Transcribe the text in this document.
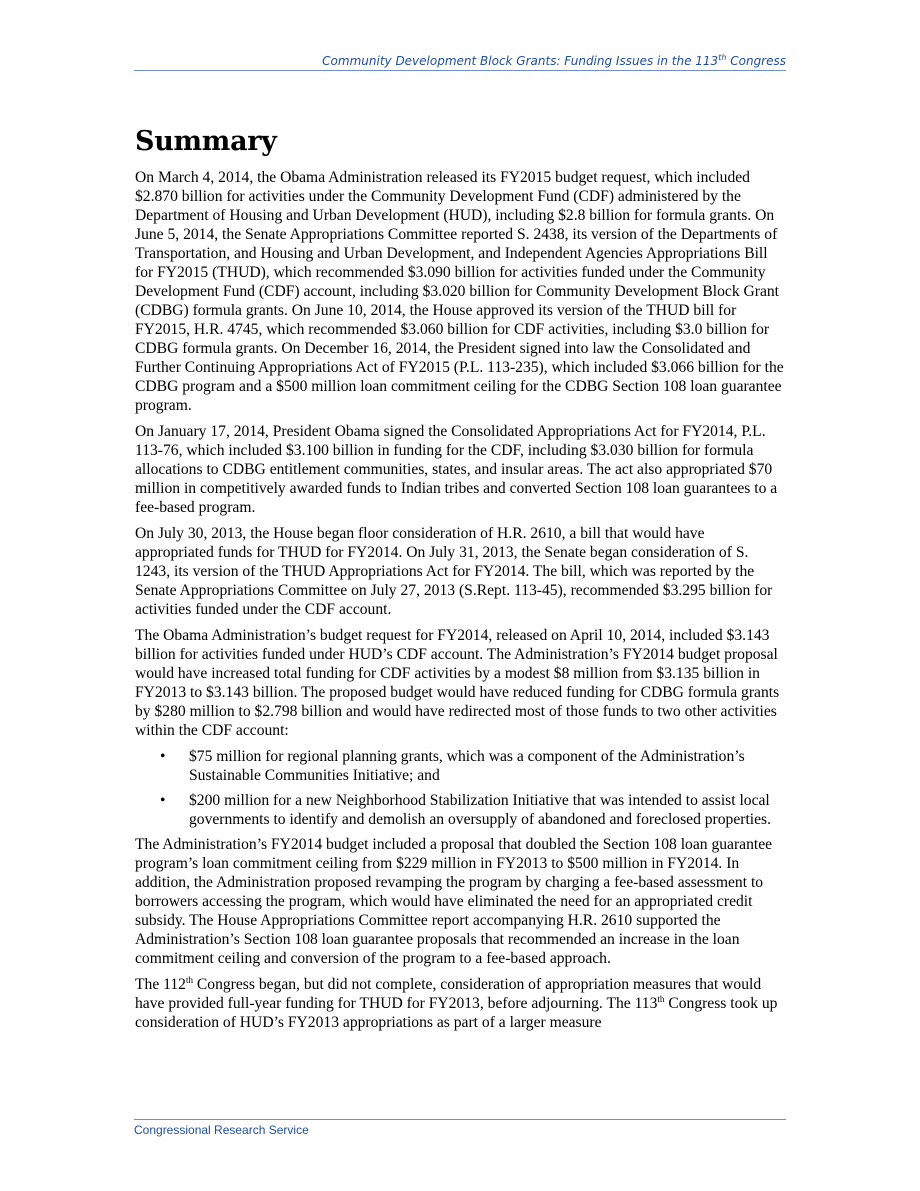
Community Development Block Grants: Funding Issues in the 113th Congress
Summary

On March 4, 2014, the Obama Administration released its FY2015 budget request, which included $2.870 billion for activities under the Community Development Fund (CDF) administered by the Department of Housing and Urban Development (HUD), including $2.8 billion for formula grants. On June 5, 2014, the Senate Appropriations Committee reported S. 2438, its version of the Departments of Transportation, and Housing and Urban Development, and Independent Agencies Appropriations Bill for FY2015 (THUD), which recommended $3.090 billion for activities funded under the Community Development Fund (CDF) account, including $3.020 billion for Community Development Block Grant (CDBG) formula grants. On June 10, 2014, the House approved its version of the THUD bill for FY2015, H.R. 4745, which recommended $3.060 billion for CDF activities, including $3.0 billion for CDBG formula grants. On December 16, 2014, the President signed into law the Consolidated and Further Continuing Appropriations Act of FY2015 (P.L. 113-235), which included $3.066 billion for the CDBG program and a $500 million loan commitment ceiling for the CDBG Section 108 loan guarantee program.

On January 17, 2014, President Obama signed the Consolidated Appropriations Act for FY2014, P.L. 113-76, which included $3.100 billion in funding for the CDF, including $3.030 billion for formula allocations to CDBG entitlement communities, states, and insular areas. The act also appropriated $70 million in competitively awarded funds to Indian tribes and converted Section 108 loan guarantees to a fee-based program.

On July 30, 2013, the House began floor consideration of H.R. 2610, a bill that would have appropriated funds for THUD for FY2014. On July 31, 2013, the Senate began consideration of S. 1243, its version of the THUD Appropriations Act for FY2014. The bill, which was reported by the Senate Appropriations Committee on July 27, 2013 (S.Rept. 113-45), recommended $3.295 billion for activities funded under the CDF account.

The Obama Administration’s budget request for FY2014, released on April 10, 2014, included $3.143 billion for activities funded under HUD’s CDF account. The Administration’s FY2014 budget proposal would have increased total funding for CDF activities by a modest $8 million from $3.135 billion in FY2013 to $3.143 billion. The proposed budget would have reduced funding for CDBG formula grants by $280 million to $2.798 billion and would have redirected most of those funds to two other activities within the CDF account:

• $75 million for regional planning grants, which was a component of the Administration’s Sustainable Communities Initiative; and
• $200 million for a new Neighborhood Stabilization Initiative that was intended to assist local governments to identify and demolish an oversupply of abandoned and foreclosed properties.

The Administration’s FY2014 budget included a proposal that doubled the Section 108 loan guarantee program’s loan commitment ceiling from $229 million in FY2013 to $500 million in FY2014. In addition, the Administration proposed revamping the program by charging a fee-based assessment to borrowers accessing the program, which would have eliminated the need for an appropriated credit subsidy. The House Appropriations Committee report accompanying H.R. 2610 supported the Administration’s Section 108 loan guarantee proposals that recommended an increase in the loan commitment ceiling and conversion of the program to a fee-based approach.

The 112th Congress began, but did not complete, consideration of appropriation measures that would have provided full-year funding for THUD for FY2013, before adjourning. The 113th Congress took up consideration of HUD’s FY2013 appropriations as part of a larger measure

Congressional Research Service
